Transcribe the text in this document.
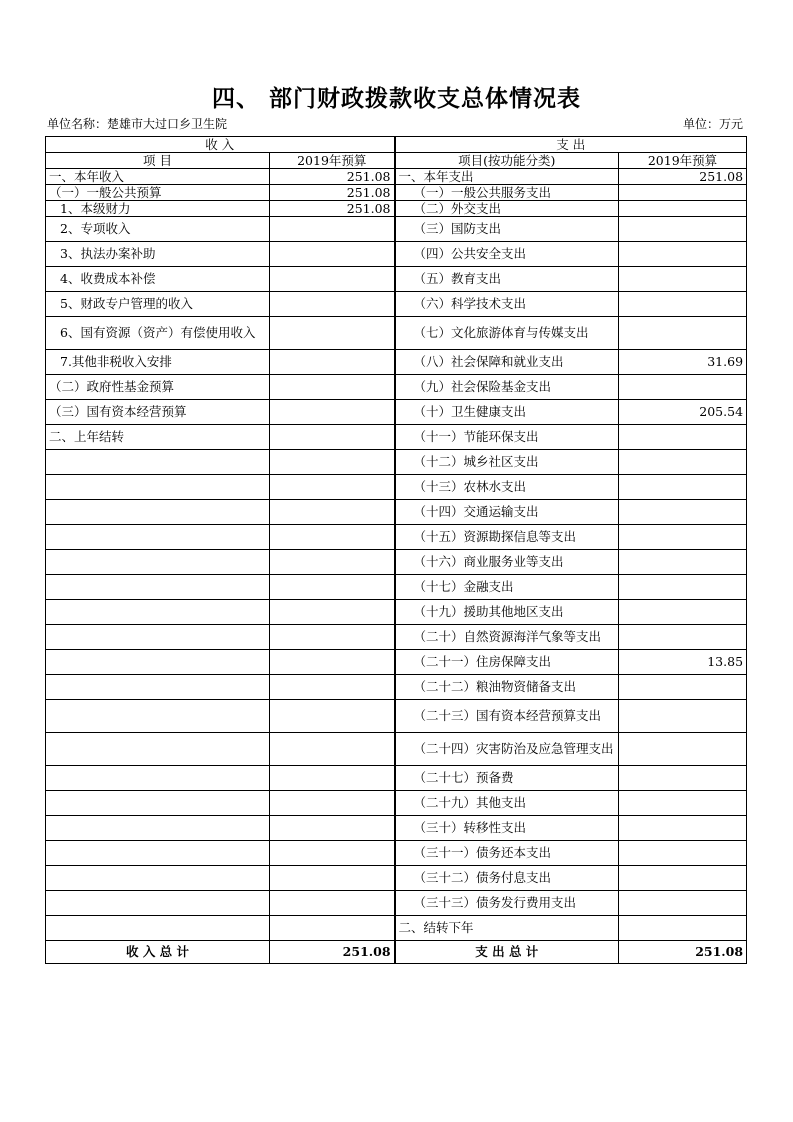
四、 部门财政拨款收支总体情况表
单位名称：楚雄市大过口乡卫生院	单位：万元
收 入		支 出	
项 目	2019年预算	项目(按功能分类)	2019年预算
一、本年收入	251.08	一、本年支出	251.08
（一）一般公共预算	251.08	（一）一般公共服务支出	
1、本级财力	251.08	（二）外交支出	
2、专项收入		（三）国防支出	
3、执法办案补助		（四）公共安全支出	
4、收费成本补偿		（五）教育支出	
5、财政专户管理的收入		（六）科学技术支出	
6、国有资源（资产）有偿使用收入		（七）文化旅游体育与传媒支出	
7.其他非税收入安排		（八）社会保障和就业支出	31.69
（二）政府性基金预算		（九）社会保险基金支出	
（三）国有资本经营预算		（十）卫生健康支出	205.54
二、上年结转		（十一）节能环保支出	
		（十二）城乡社区支出	
		（十三）农林水支出	
		（十四）交通运输支出	
		（十五）资源勘探信息等支出	
		（十六）商业服务业等支出	
		（十七）金融支出	
		（十九）援助其他地区支出	
		（二十）自然资源海洋气象等支出	
		（二十一）住房保障支出	13.85
		（二十二）粮油物资储备支出	
		（二十三）国有资本经营预算支出	
		（二十四）灾害防治及应急管理支出	
		（二十七）预备费	
		（二十九）其他支出	
		（三十）转移性支出	
		（三十一）债务还本支出	
		（三十二）债务付息支出	
		（三十三）债务发行费用支出	
		二、结转下年	
收 入 总 计	251.08	支 出 总 计	251.08
